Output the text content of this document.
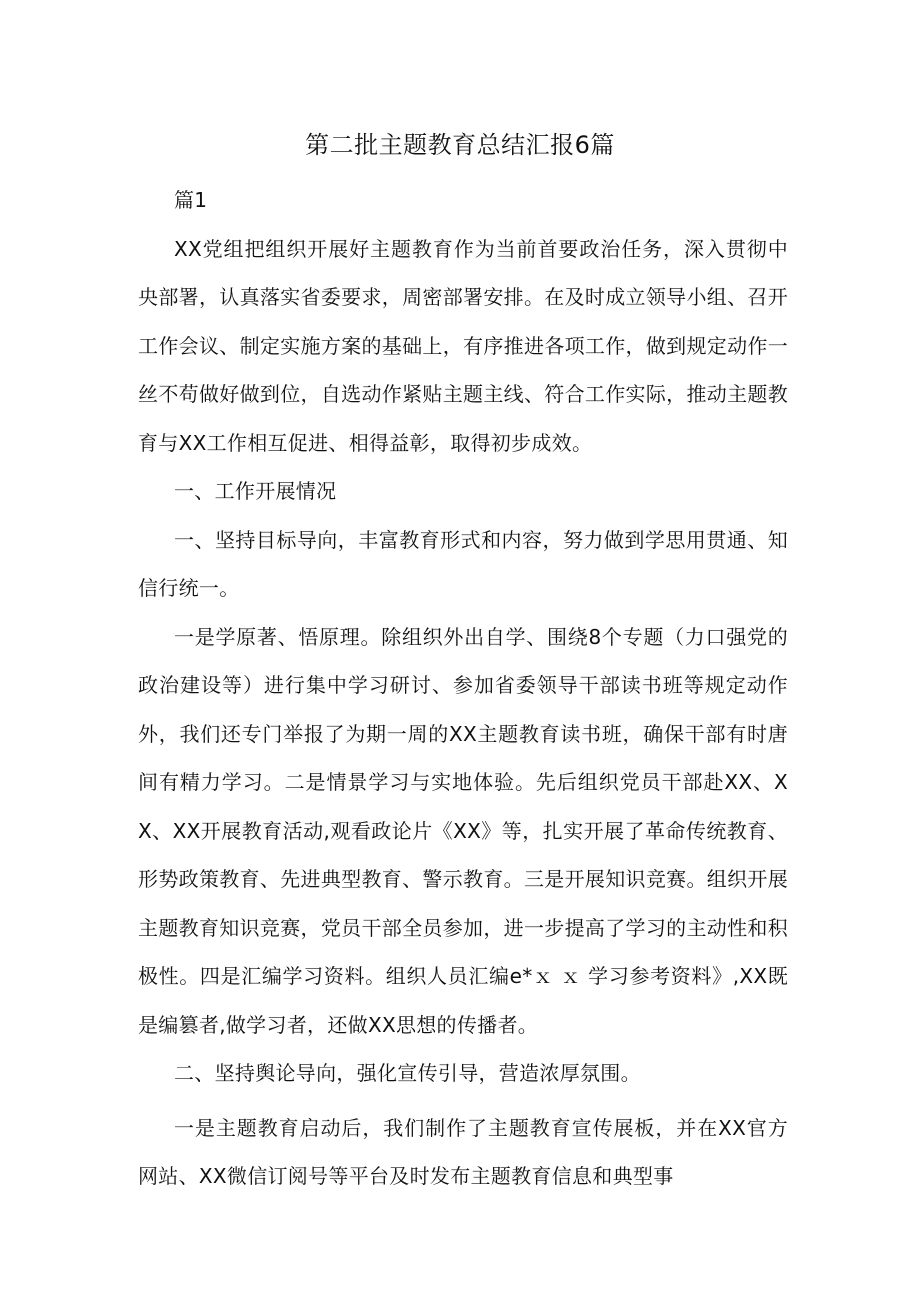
第二批主题教育总结汇报6篇

篇1

XX党组把组织开展好主题教育作为当前首要政治任务，深入贯彻中央部署，认真落实省委要求，周密部署安排。在及时成立领导小组、召开工作会议、制定实施方案的基础上，有序推进各项工作，做到规定动作一丝不苟做好做到位，自选动作紧贴主题主线、符合工作实际，推动主题教育与XX工作相互促进、相得益彰，取得初步成效。

一、工作开展情况

一、坚持目标导向，丰富教育形式和内容，努力做到学思用贯通、知信行统一。

一是学原著、悟原理。除组织外出自学、围绕8个专题（力口强党的政治建设等）进行集中学习研讨、参加省委领导干部读书班等规定动作外，我们还专门举报了为期一周的XX主题教育读书班，确保干部有时唐间有精力学习。二是情景学习与实地体验。先后组织党员干部赴XX、XX、XX开展教育活动,观看政论片《XX》等，扎实开展了革命传统教育、形势政策教育、先进典型教育、警示教育。三是开展知识竞赛。组织开展主题教育知识竞赛，党员干部全员参加，进一步提高了学习的主动性和积极性。四是汇编学习资料。组织人员汇编e*ｘ ｘ 学习参考资料》,XX既是编篡者,做学习者，还做XX思想的传播者。

二、坚持舆论导向，强化宣传引导，营造浓厚氛围。

一是主题教育启动后，我们制作了主题教育宣传展板，并在XX官方网站、XX微信订阅号等平台及时发布主题教育信息和典型事
